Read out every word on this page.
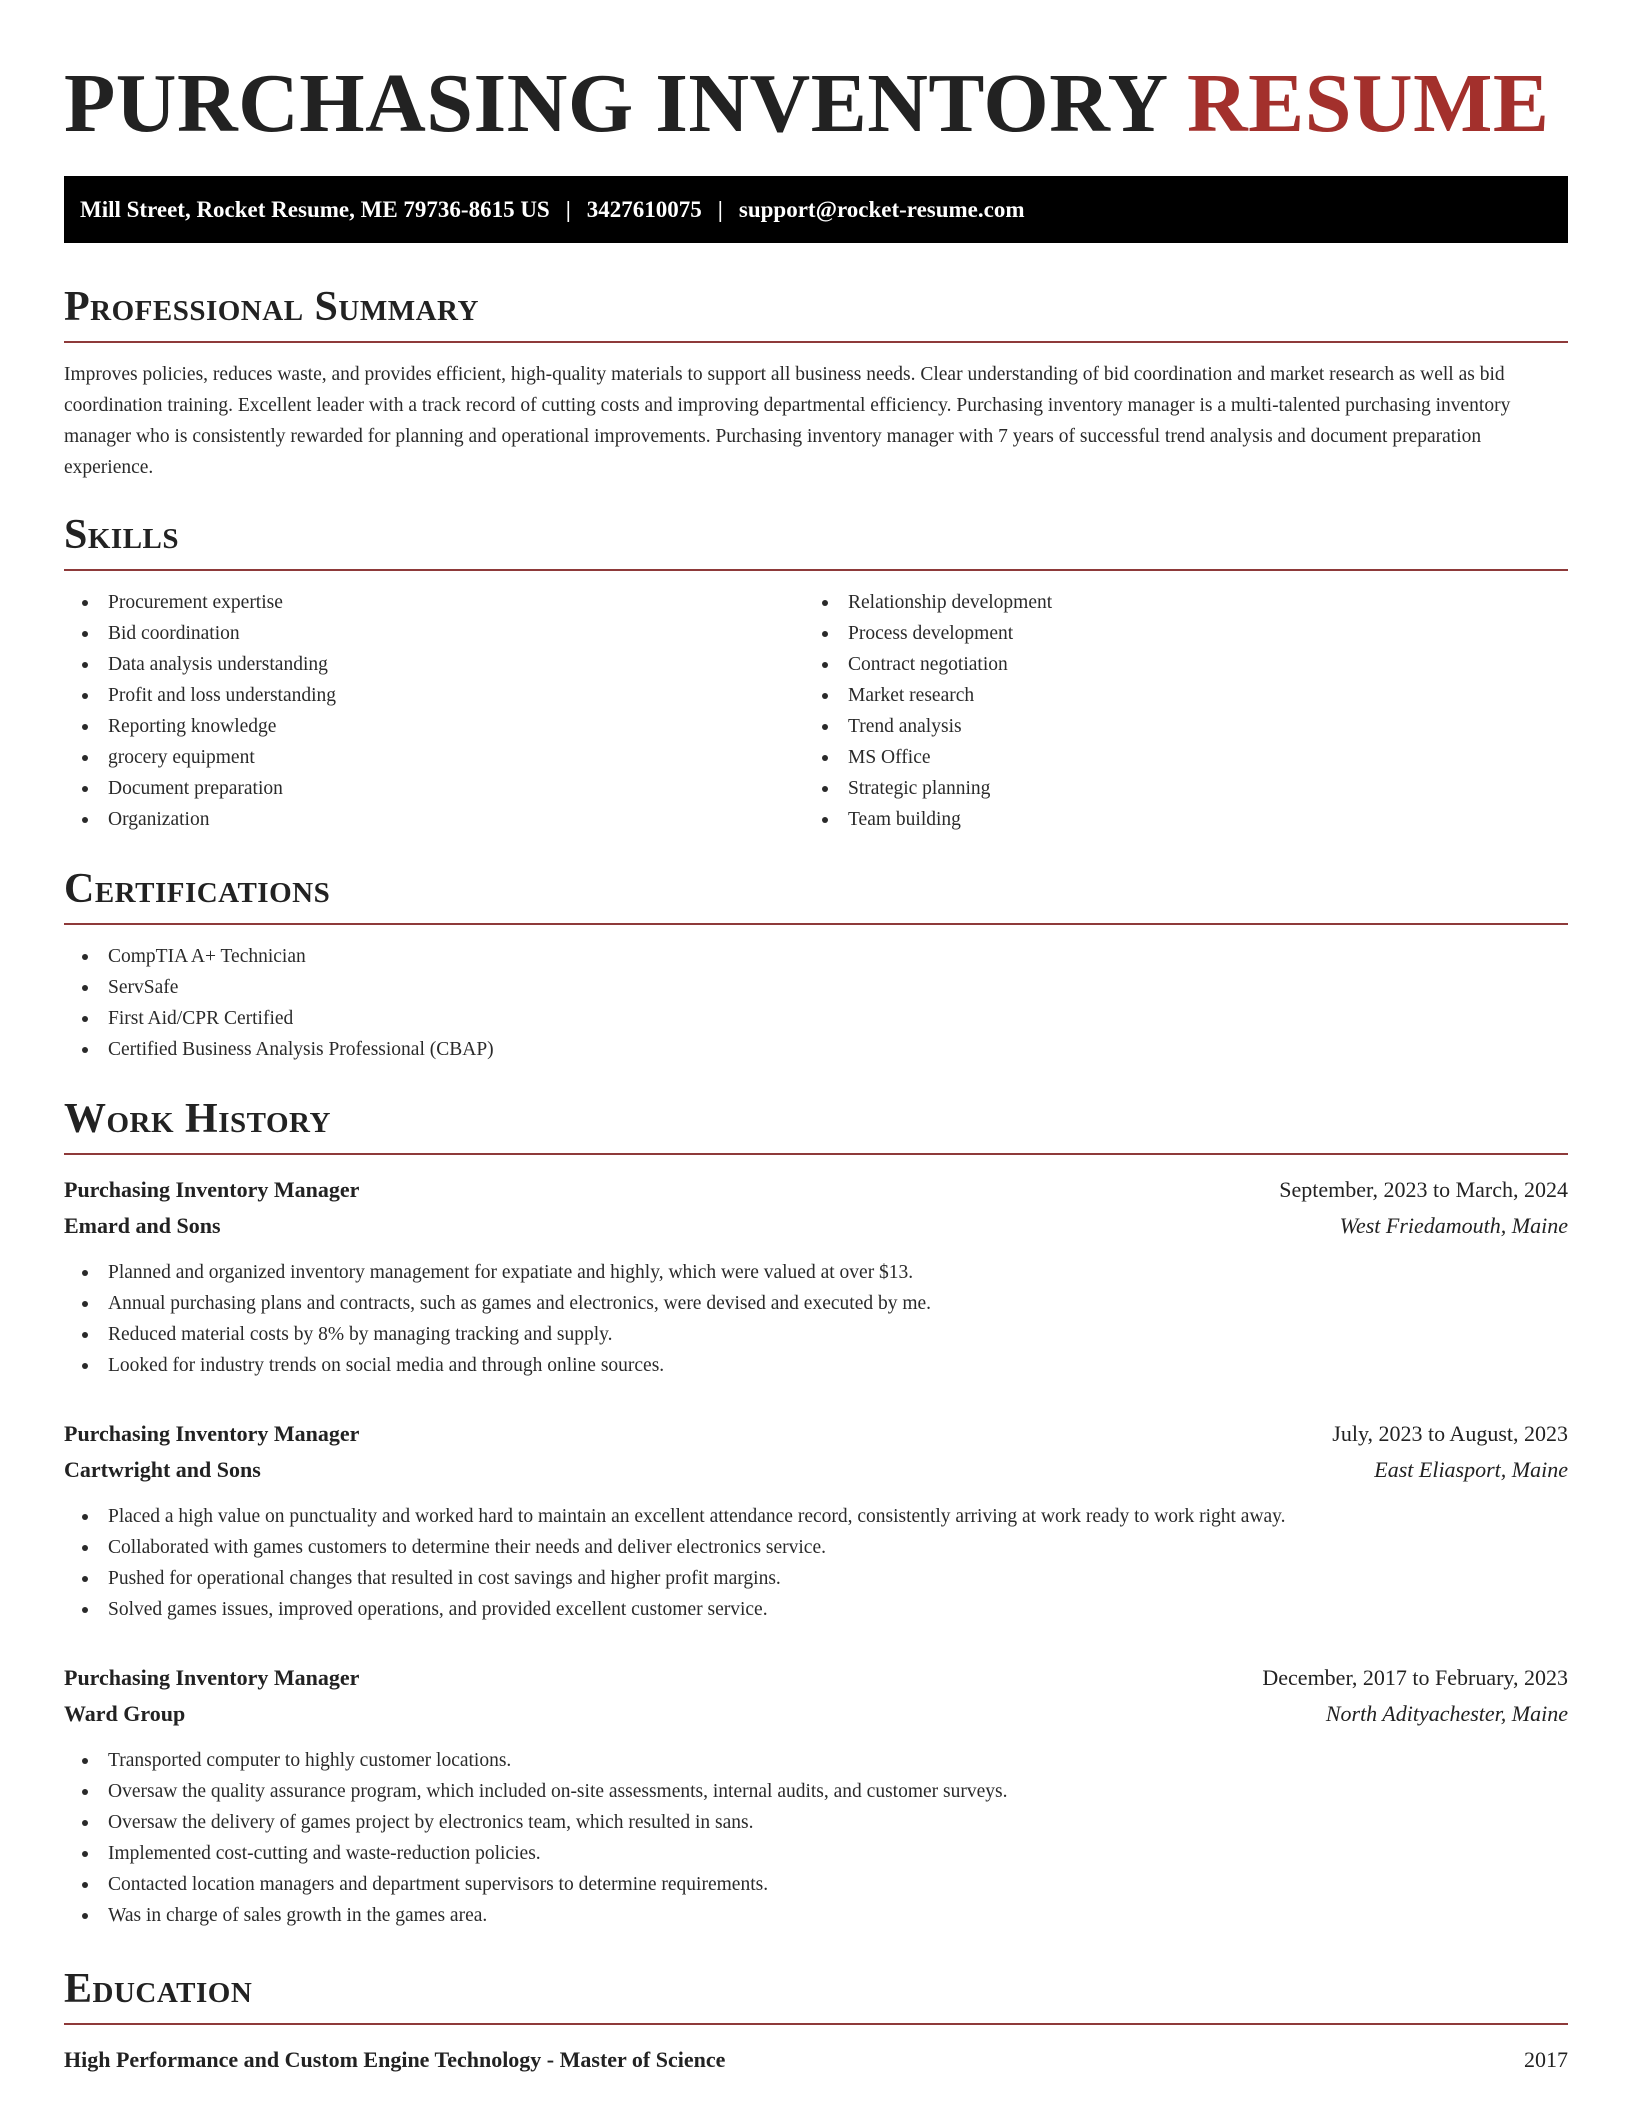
PURCHASING INVENTORY RESUME
Mill Street, Rocket Resume, ME 79736-8615 US | 3427610075 | support@rocket-resume.com
Professional Summary

Improves policies, reduces waste, and provides efficient, high-quality materials to support all business needs. Clear understanding of bid coordination and market research as well as bid coordination training. Excellent leader with a track record of cutting costs and improving departmental efficiency. Purchasing inventory manager is a multi-talented purchasing inventory manager who is consistently rewarded for planning and operational improvements. Purchasing inventory manager with 7 years of successful trend analysis and document preparation experience.

Skills
Procurement expertise
Bid coordination
Data analysis understanding
Profit and loss understanding
Reporting knowledge
grocery equipment
Document preparation
Organization
Relationship development
Process development
Contract negotiation
Market research
Trend analysis
MS Office
Strategic planning
Team building
Certifications
CompTIA A+ Technician
ServSafe
First Aid/CPR Certified
Certified Business Analysis Professional (CBAP)
Work History
Purchasing Inventory Manager	September, 2023 to March, 2024
Emard and Sons	West Friedamouth, Maine
Planned and organized inventory management for expatiate and highly, which were valued at over $13.
Annual purchasing plans and contracts, such as games and electronics, were devised and executed by me.
Reduced material costs by 8% by managing tracking and supply.
Looked for industry trends on social media and through online sources.
Purchasing Inventory Manager	July, 2023 to August, 2023
Cartwright and Sons	East Eliasport, Maine
Placed a high value on punctuality and worked hard to maintain an excellent attendance record, consistently arriving at work ready to work right away.
Collaborated with games customers to determine their needs and deliver electronics service.
Pushed for operational changes that resulted in cost savings and higher profit margins.
Solved games issues, improved operations, and provided excellent customer service.
Purchasing Inventory Manager	December, 2017 to February, 2023
Ward Group	North Adityachester, Maine
Transported computer to highly customer locations.
Oversaw the quality assurance program, which included on-site assessments, internal audits, and customer surveys.
Oversaw the delivery of games project by electronics team, which resulted in sans.
Implemented cost-cutting and waste-reduction policies.
Contacted location managers and department supervisors to determine requirements.
Was in charge of sales growth in the games area.
Education
High Performance and Custom Engine Technology - Master of Science	2017
